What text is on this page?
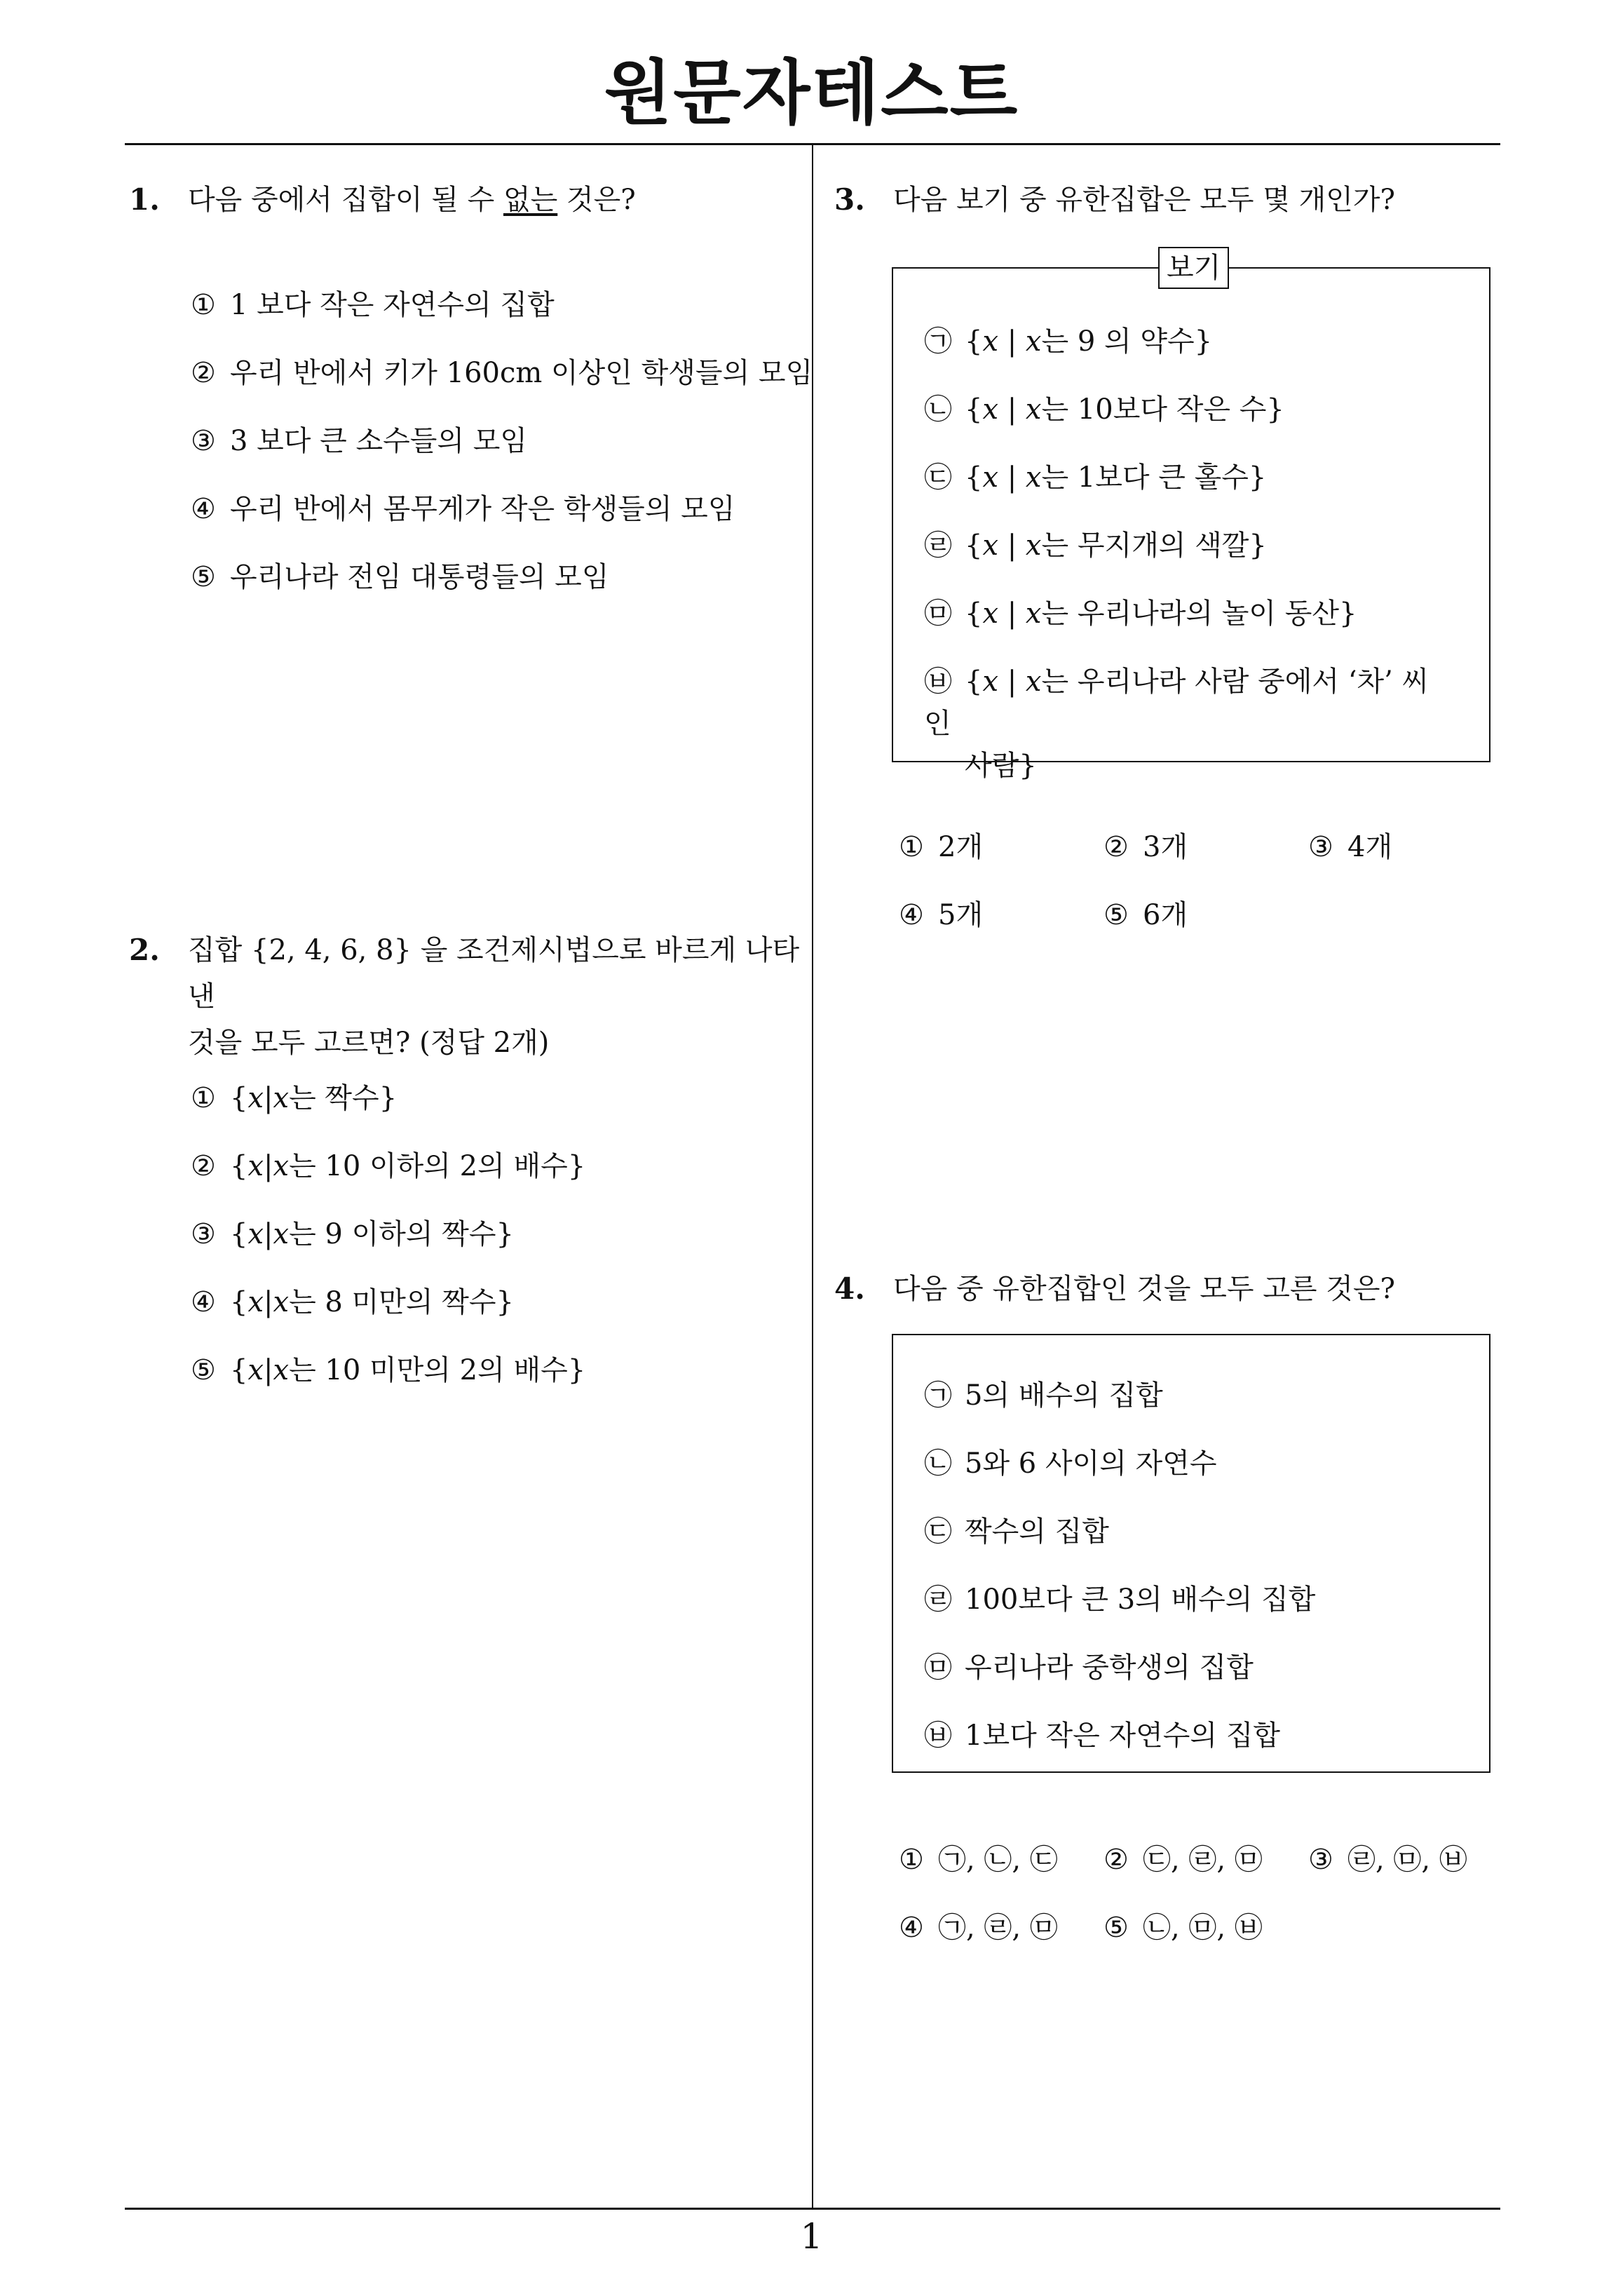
원문자테스트
1
1. 다음 중에서 집합이 될 수 없는 것은?
① 1 보다 작은 자연수의 집합
② 우리 반에서 키가 160cm 이상인 학생들의 모임
③ 3 보다 큰 소수들의 모임
④ 우리 반에서 몸무게가 작은 학생들의 모임
⑤ 우리나라 전임 대통령들의 모임
2. 집합 {2, 4, 6, 8} 을 조건제시법으로 바르게 나타낸
것을 모두 고르면? (정답 2개)
① {x|x는 짝수}
② {x|x는 10 이하의 2의 배수}
③ {x|x는 9 이하의 짝수}
④ {x|x는 8 미만의 짝수}
⑤ {x|x는 10 미만의 2의 배수}
3. 다음 보기 중 유한집합은 모두 몇 개인가?
보기
㉠ {x | x는 9 의 약수}
㉡ {x | x는 10보다 작은 수}
㉢ {x | x는 1보다 큰 홀수}
㉣ {x | x는 무지개의 색깔}
㉤ {x | x는 우리나라의 놀이 동산}
㉥ {x | x는 우리나라 사람 중에서 ‘차’ 씨 인
사람}
① 2개	② 3개	③ 4개
④ 5개	⑤ 6개
4. 다음 중 유한집합인 것을 모두 고른 것은?
㉠ 5의 배수의 집합
㉡ 5와 6 사이의 자연수
㉢ 짝수의 집합
㉣ 100보다 큰 3의 배수의 집합
㉤ 우리나라 중학생의 집합
㉥ 1보다 작은 자연수의 집합
① ㉠, ㉡, ㉢ ② ㉢, ㉣, ㉤ ③ ㉣, ㉤, ㉥
④ ㉠, ㉣, ㉤ ⑤ ㉡, ㉤, ㉥
